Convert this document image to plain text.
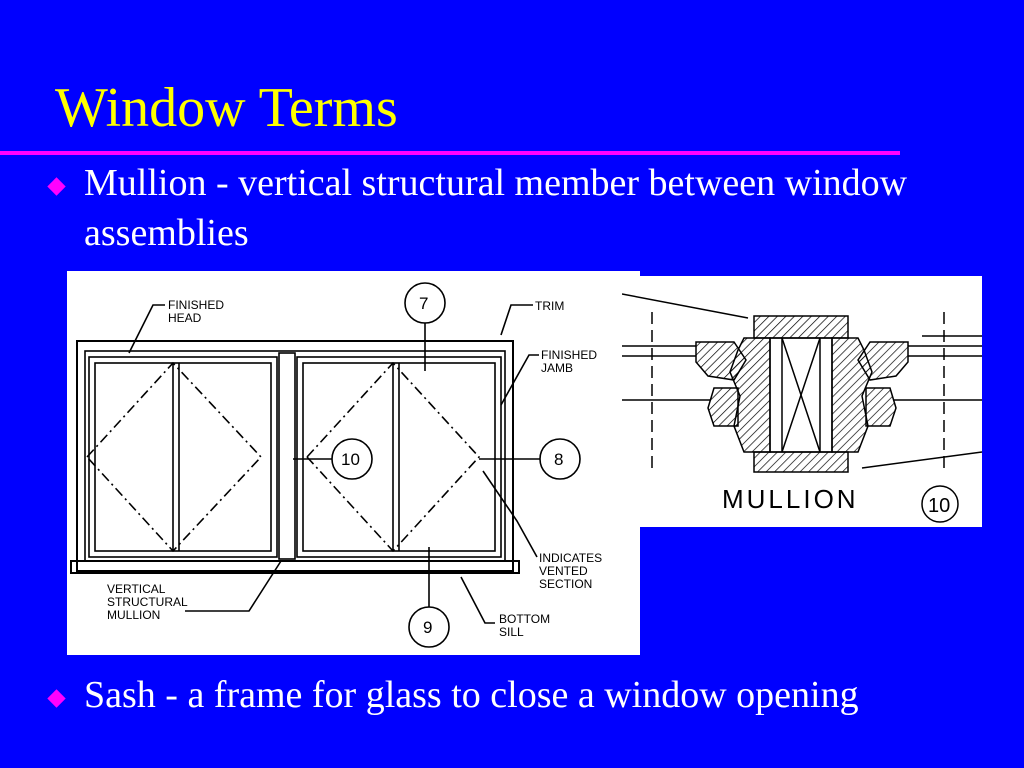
Window Terms
Mullion - vertical structural member between window assemblies
FINISHED
HEAD
TRIM
FINISHED
JAMB
INDICATES
VENTED
SECTION
VERTICAL
STRUCTURAL
MULLION	BOTTOM
SILL
7
10	8
9
MULLION	10
Sash - a frame for glass to close a window opening
